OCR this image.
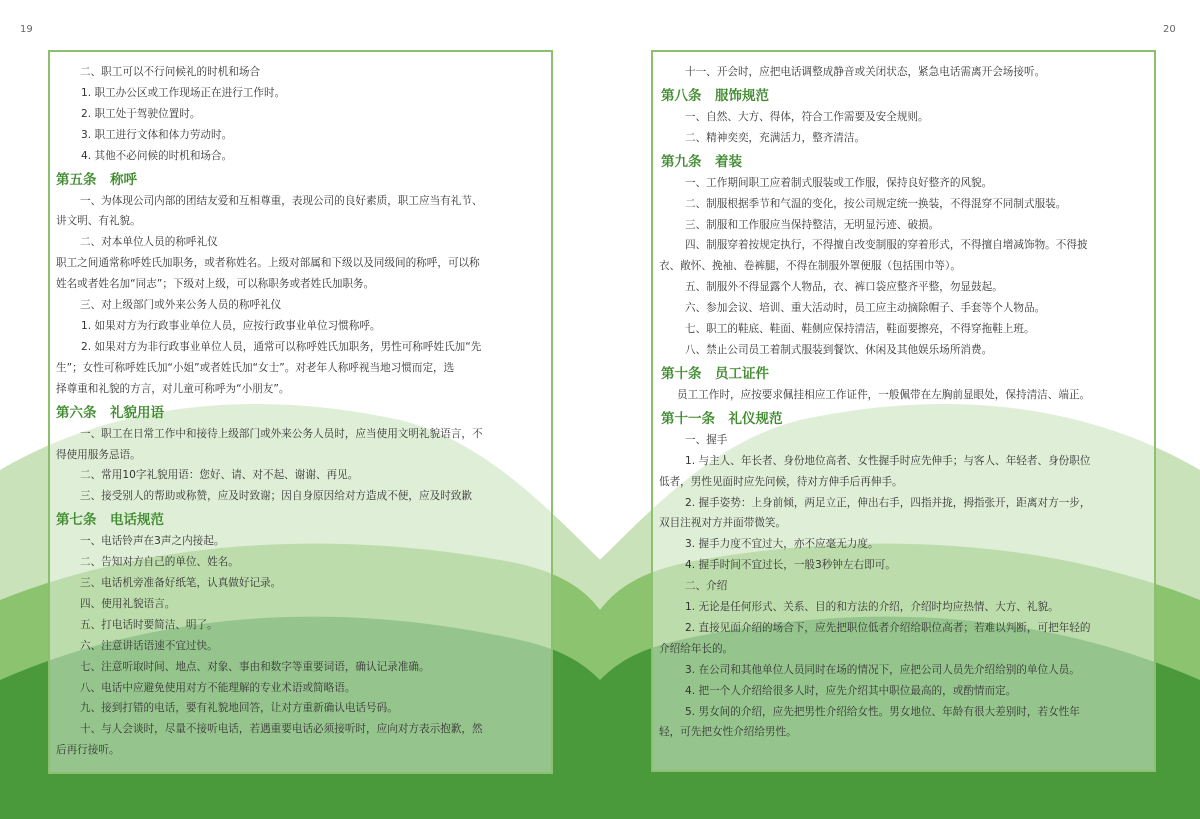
19	20
二、职工可以不行问候礼的时机和场合
1. 职工办公区或工作现场正在进行工作时。
2. 职工处于驾驶位置时。
3. 职工进行文体和体力劳动时。
4. 其他不必问候的时机和场合。
第五条　称呼
一、为体现公司内部的团结友爱和互相尊重，表现公司的良好素质，职工应当有礼节、
讲文明、有礼貌。
二、对本单位人员的称呼礼仪
职工之间通常称呼姓氏加职务，或者称姓名。上级对部属和下级以及同级间的称呼，可以称
姓名或者姓名加“同志”；下级对上级，可以称职务或者姓氏加职务。
三、对上级部门或外来公务人员的称呼礼仪
1. 如果对方为行政事业单位人员，应按行政事业单位习惯称呼。
2. 如果对方为非行政事业单位人员，通常可以称呼姓氏加职务，男性可称呼姓氏加“先
生”；女性可称呼姓氏加“小姐”或者姓氏加“女士”。对老年人称呼视当地习惯而定，选
择尊重和礼貌的方言，对儿童可称呼为“小朋友”。
第六条　礼貌用语
一、职工在日常工作中和接待上级部门或外来公务人员时，应当使用文明礼貌语言，不
得使用服务忌语。
二、常用10字礼貌用语：您好、请、对不起、谢谢、再见。
三、接受别人的帮助或称赞，应及时致谢；因自身原因给对方造成不便，应及时致歉
第七条　电话规范
一、电话铃声在3声之内接起。
二、告知对方自己的单位、姓名。
三、电话机旁准备好纸笔，认真做好记录。
四、使用礼貌语言。
五、打电话时要简洁、明了。
六、注意讲话语速不宜过快。
七、注意听取时间、地点、对象、事由和数字等重要词语，确认记录准确。
八、电话中应避免使用对方不能理解的专业术语或简略语。
九、接到打错的电话，要有礼貌地回答，让对方重新确认电话号码。
十、与人会谈时，尽量不接听电话，若遇重要电话必须接听时，应向对方表示抱歉，然
后再行接听。
十一、开会时，应把电话调整成静音或关闭状态，紧急电话需离开会场接听。
第八条　服饰规范
一、自然、大方、得体，符合工作需要及安全规则。
二、精神奕奕，充满活力，整齐清洁。
第九条　着装
一、工作期间职工应着制式服装或工作服，保持良好整齐的风貌。
二、制服根据季节和气温的变化，按公司规定统一换装，不得混穿不同制式服装。
三、制服和工作服应当保持整洁，无明显污迹、破损。
四、制服穿着按规定执行，不得擅自改变制服的穿着形式，不得擅自增减饰物。不得披
衣、敞怀、挽袖、卷裤腿，不得在制服外罩便服（包括围巾等）。
五、制服外不得显露个人物品，衣、裤口袋应整齐平整，勿显鼓起。
六、参加会议、培训、重大活动时，员工应主动摘除帽子、手套等个人物品。
七、职工的鞋底、鞋面、鞋侧应保持清洁，鞋面要擦亮，不得穿拖鞋上班。
八、禁止公司员工着制式服装到餐饮、休闲及其他娱乐场所消费。
第十条　员工证件
员工工作时，应按要求佩挂相应工作证件，一般佩带在左胸前显眼处，保持清洁、端正。
第十一条　礼仪规范
一、握手
1. 与主人、年长者、身份地位高者、女性握手时应先伸手；与客人、年轻者、身份职位
低者，男性见面时应先问候，待对方伸手后再伸手。
2. 握手姿势：上身前倾，两足立正，伸出右手，四指并拢，拇指张开，距离对方一步，
双目注视对方并面带微笑。
3. 握手力度不宜过大，亦不应毫无力度。
4. 握手时间不宜过长，一般3秒钟左右即可。
二、介绍
1. 无论是任何形式、关系、目的和方法的介绍，介绍时均应热情、大方、礼貌。
2. 直接见面介绍的场合下，应先把职位低者介绍给职位高者；若难以判断，可把年轻的
介绍给年长的。
3. 在公司和其他单位人员同时在场的情况下，应把公司人员先介绍给别的单位人员。
4. 把一个人介绍给很多人时，应先介绍其中职位最高的，或酌情而定。
5. 男女间的介绍，应先把男性介绍给女性。男女地位、年龄有很大差别时，若女性年
轻，可先把女性介绍给男性。
